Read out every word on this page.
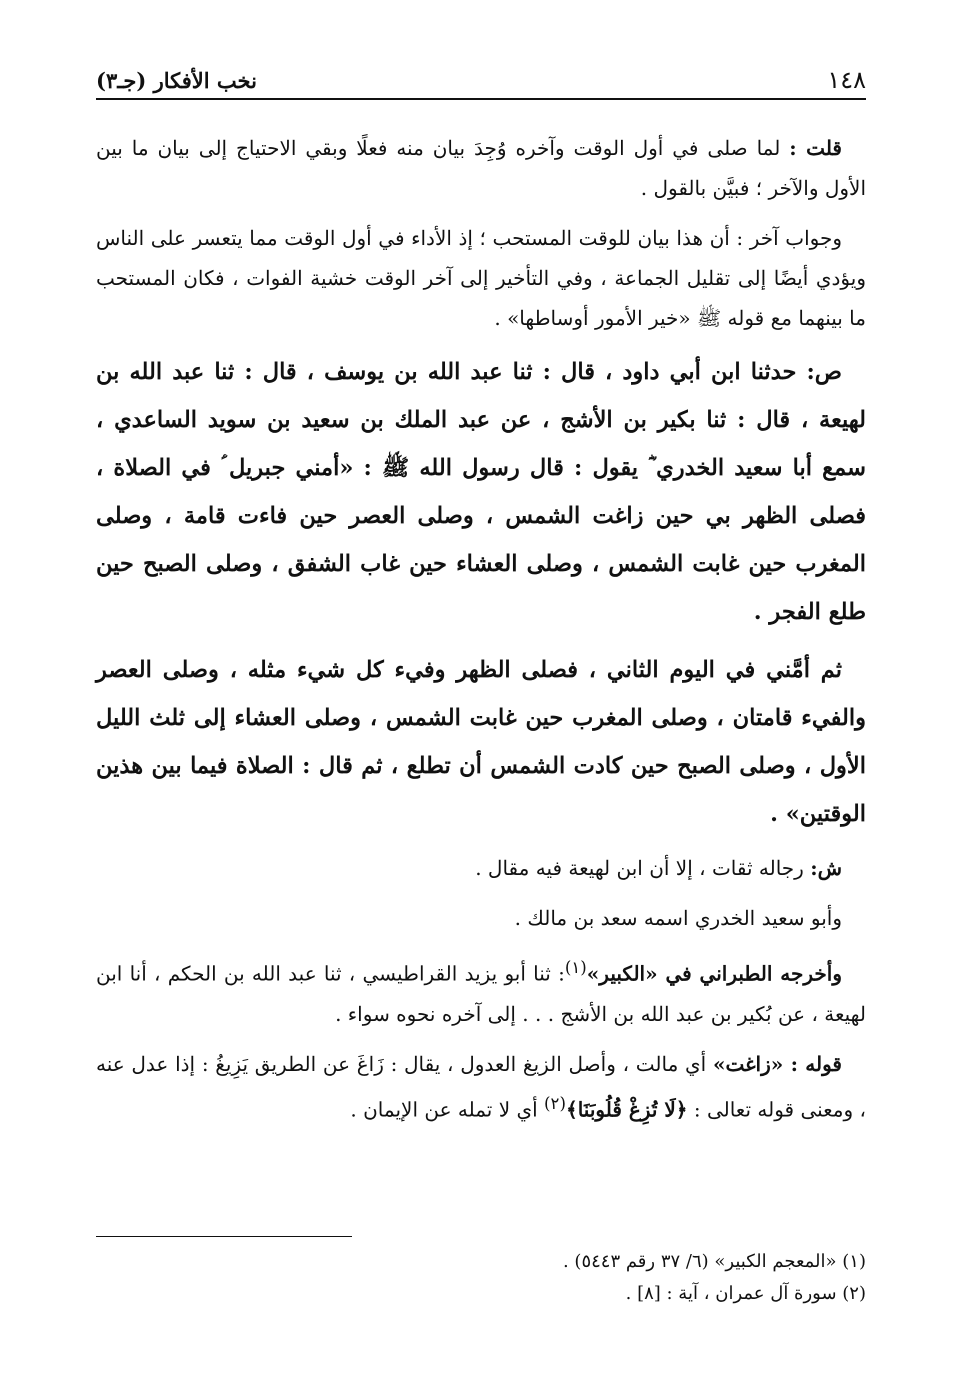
١٤٨
نخب الأفكار (جـ٣)

قلت : لما صلى في أول الوقت وآخره وُجِدَ بيان منه فعلًا وبقي الاحتياج إلى بيان ما بين الأول والآخر ؛ فبيَّن بالقول .

وجواب آخر : أن هذا بيان للوقت المستحب ؛ إذ الأداء في أول الوقت مما يتعسر على الناس ويؤدي أيضًا إلى تقليل الجماعة ، وفي التأخير إلى آخر الوقت خشية الفوات ، فكان المستحب ما بينهما مع قوله ﷺ «خير الأمور أوساطها» .

ص: حدثنا ابن أبي داود ، قال : ثنا عبد الله بن يوسف ، قال : ثنا عبد الله بن لهيعة ، قال : ثنا بكير بن الأشج ، عن عبد الملك بن سعيد بن سويد الساعدي ، سمع أبا سعيد الخدري ؓ يقول : قال رسول الله ﷺ : «أمني جبريل ؑ في الصلاة ، فصلى الظهر بي حين زاغت الشمس ، وصلى العصر حين فاءت قامة ، وصلى المغرب حين غابت الشمس ، وصلى العشاء حين غاب الشفق ، وصلى الصبح حين طلع الفجر .

ثم أمَّني في اليوم الثاني ، فصلى الظهر وفيء كل شيء مثله ، وصلى العصر والفيء قامتان ، وصلى المغرب حين غابت الشمس ، وصلى العشاء إلى ثلث الليل الأول ، وصلى الصبح حين كادت الشمس أن تطلع ، ثم قال : الصلاة فيما بين هذين الوقتين» .

ش: رجاله ثقات ، إلا أن ابن لهيعة فيه مقال .

وأبو سعيد الخدري اسمه سعد بن مالك .

وأخرجه الطبراني في «الكبير»$^{(١)}$: ثنا أبو يزيد القراطيسي ، ثنا عبد الله بن الحكم ، أنا ابن لهيعة ، عن بُكير بن عبد الله بن الأشج . . . إلى آخره نحوه سواء .

قوله : «زاغت» أي مالت ، وأصل الزيغ العدول ، يقال : زَاغَ عن الطريق يَزِيغُ : إذا عدل عنه ، ومعنى قوله تعالى : ﴿لَا تُزِغْ قُلُوبَنَا﴾$^{(٢)}$ أي لا تمله عن الإيمان .

(١) «المعجم الكبير» (٦/ ٣٧ رقم ٥٤٤٣) .
(٢) سورة آل عمران ، آية : [٨] .
